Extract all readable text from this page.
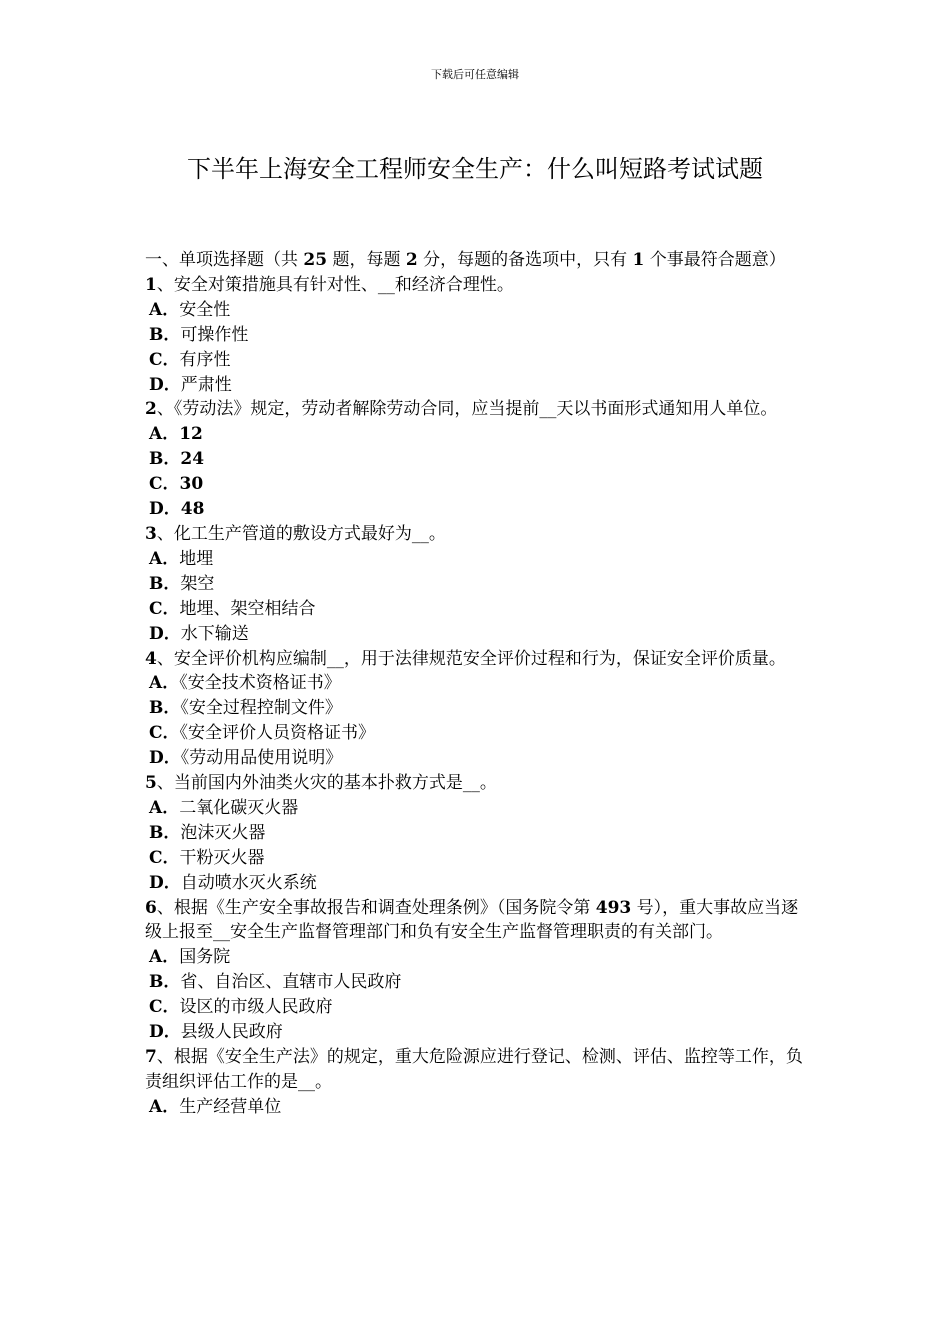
下载后可任意编辑
下半年上海安全工程师安全生产：什么叫短路考试试题

一、单项选择题（共 25 题，每题 2 分，每题的备选项中，只有 1 个事最符合题意）

1、安全对策措施具有针对性、__和经济合理性。

A．安全性

B．可操作性

C．有序性

D．严肃性

2、《劳动法》规定，劳动者解除劳动合同，应当提前__天以书面形式通知用人单位。

A．12

B．24

C．30

D．48

3、化工生产管道的敷设方式最好为__。

A．地埋

B．架空

C．地埋、架空相结合

D．水下输送

4、安全评价机构应编制__，用于法律规范安全评价过程和行为，保证安全评价质量。

A．《安全技术资格证书》

B．《安全过程控制文件》

C．《安全评价人员资格证书》

D．《劳动用品使用说明》

5、当前国内外油类火灾的基本扑救方式是__。

A．二氧化碳灭火器

B．泡沫灭火器

C．干粉灭火器

D．自动喷水灭火系统

6、根据《生产安全事故报告和调查处理条例》（国务院令第 493 号），重大事故应当逐级上报至__安全生产监督管理部门和负有安全生产监督管理职责的有关部门。

A．国务院

B．省、自治区、直辖市人民政府

C．设区的市级人民政府

D．县级人民政府

7、根据《安全生产法》的规定，重大危险源应进行登记、检测、评估、监控等工作，负责组织评估工作的是__。

A．生产经营单位
